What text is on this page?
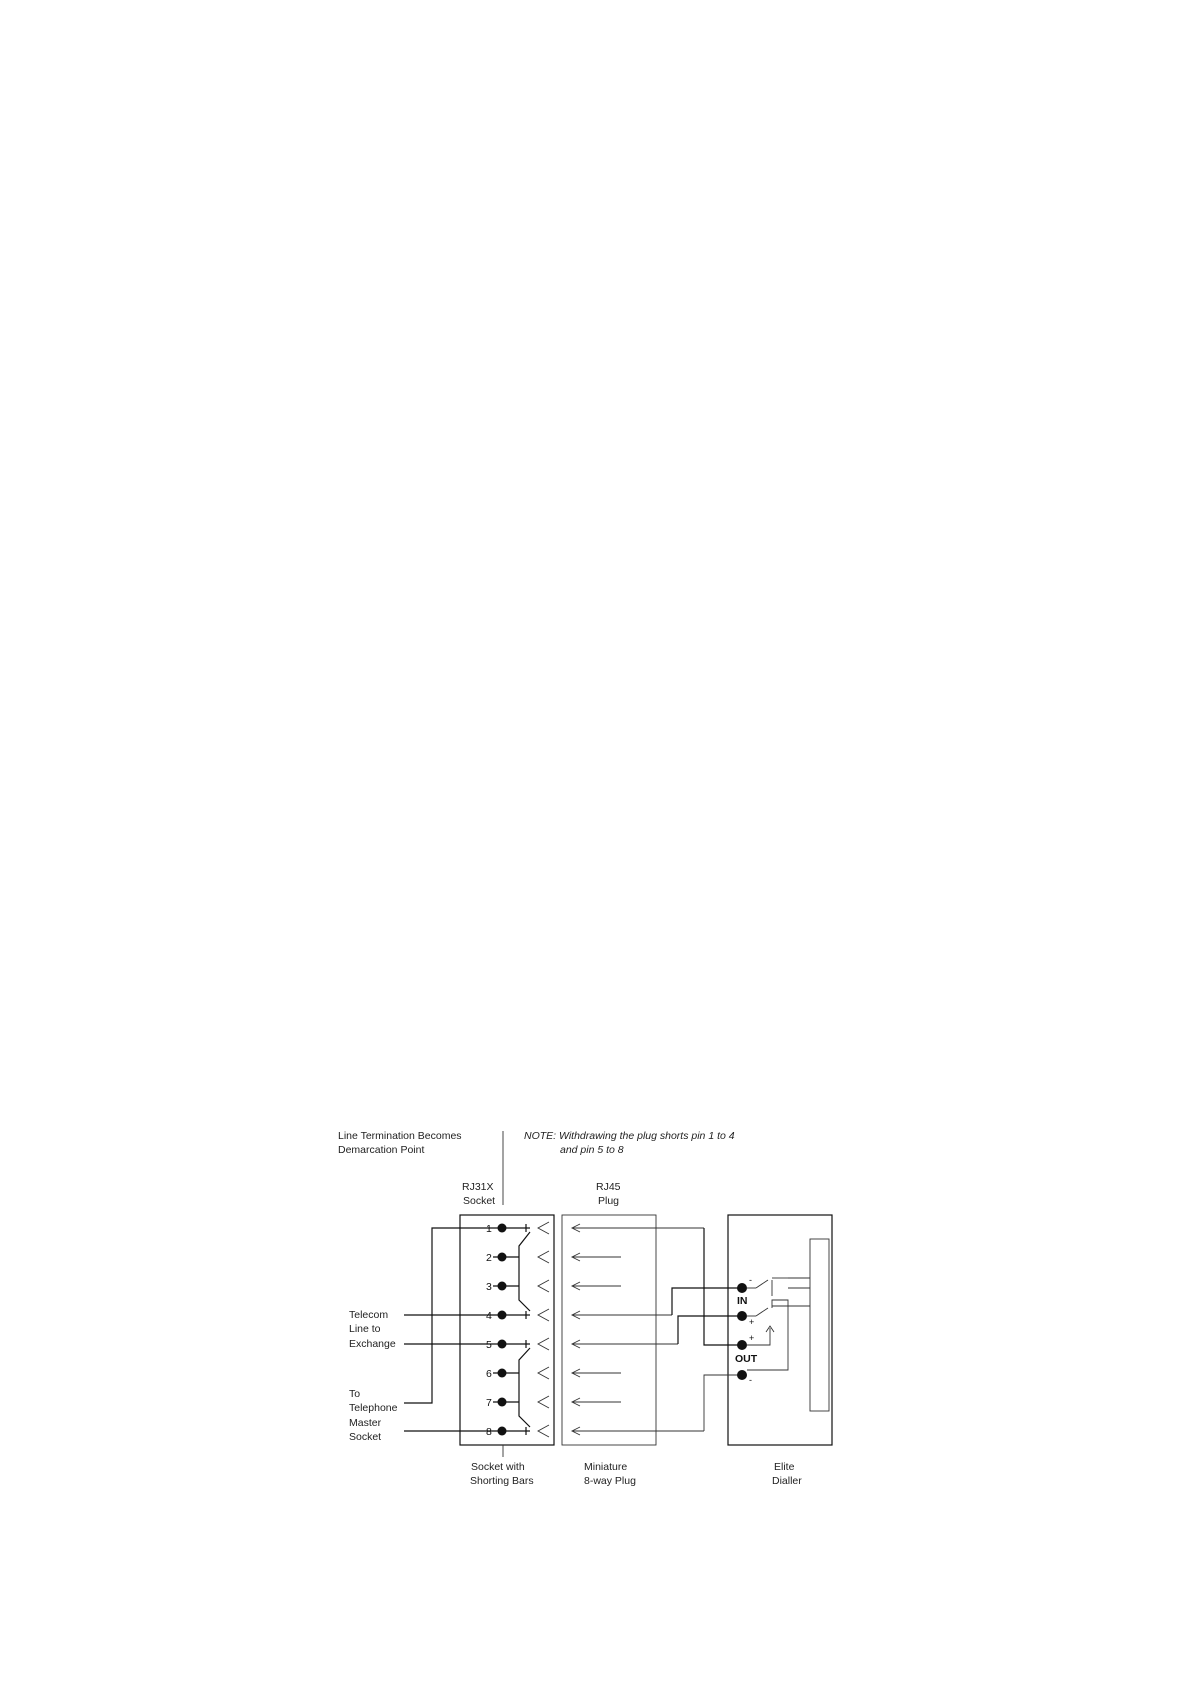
Line Termination Becomes
Demarcation Point
NOTE: Withdrawing the plug shorts pin 1 to 4
and pin 5 to 8
RJ31X
Socket
RJ45
Plug
1
2
3
4
5
6
7
8
-
IN
+
+
OUT
-
Telecom
Line to
Exchange
To
Telephone
Master
Socket
Socket with
Shorting Bars
Miniature
8-way Plug
Elite
Dialler
